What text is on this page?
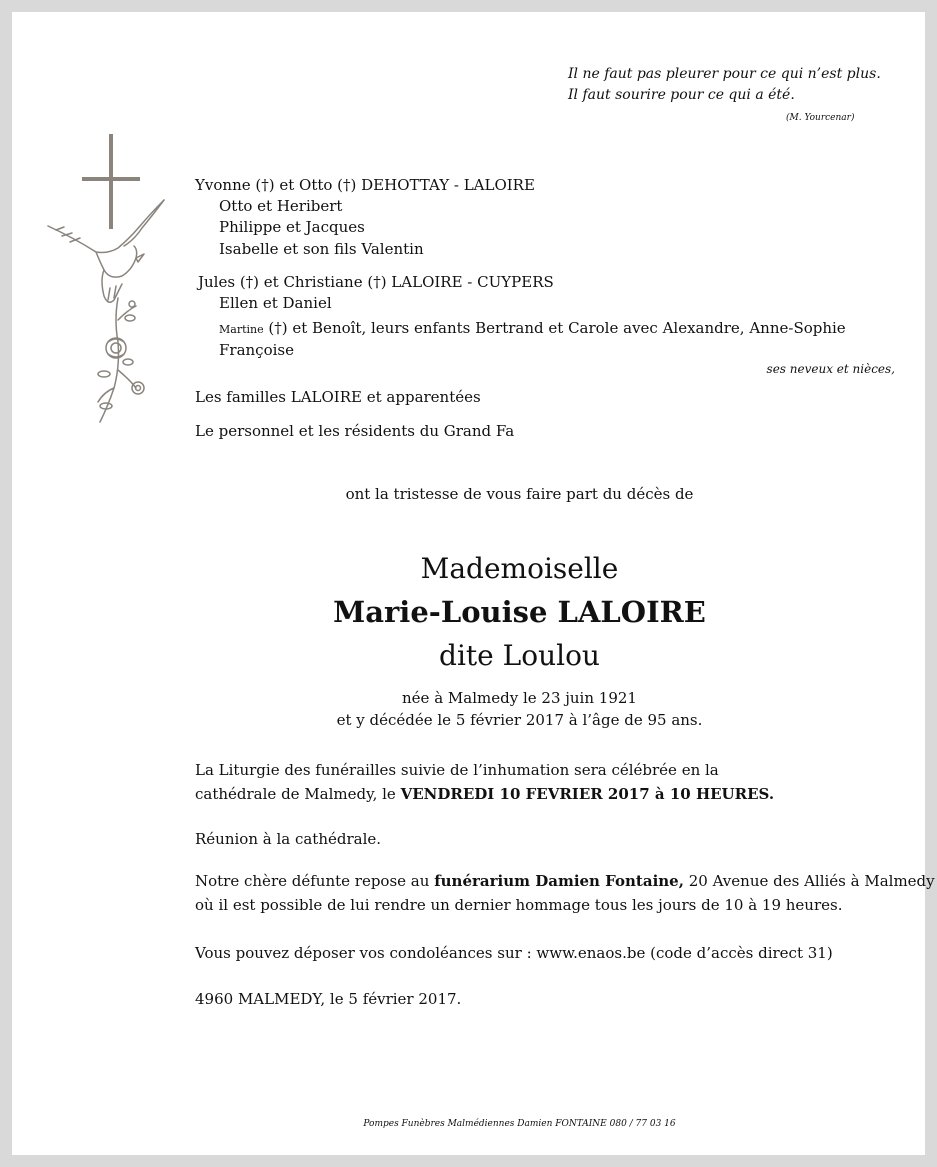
Il ne faut pas pleurer pour ce qui n’est plus.
Il faut sourire pour ce qui a été.
(M. Yourcenar)
Yvonne (†) et Otto (†) DEHOTTAY - LALOIRE
Otto et Heribert
Philippe et Jacques
Isabelle et son fils Valentin
Jules (†) et Christiane (†) LALOIRE - CUYPERS
Ellen et Daniel
Martine (†) et Benoît, leurs enfants Bertrand et Carole avec Alexandre, Anne-Sophie
Françoise
ses neveux et nièces,
Les familles LALOIRE et apparentées
Le personnel et les résidents du Grand Fa
ont la tristesse de vous faire part du décès de
Mademoiselle
Marie-Louise LALOIRE
dite Loulou
née à Malmedy le 23 juin 1921
et y décédée le 5 février 2017 à l’âge de 95 ans.
La Liturgie des funérailles suivie de l’inhumation sera célébrée en la
cathédrale de Malmedy, le VENDREDI 10 FEVRIER 2017 à 10 HEURES.
Réunion à la cathédrale.
Notre chère défunte repose au funérarium Damien Fontaine, 20 Avenue des Alliés à Malmedy
où il est possible de lui rendre un dernier hommage tous les jours de 10 à 19 heures.
Vous pouvez déposer vos condoléances sur : www.enaos.be (code d’accès direct 31)
4960 MALMEDY, le 5 février 2017.
Pompes Funèbres Malmédiennes Damien FONTAINE 080 / 77 03 16
